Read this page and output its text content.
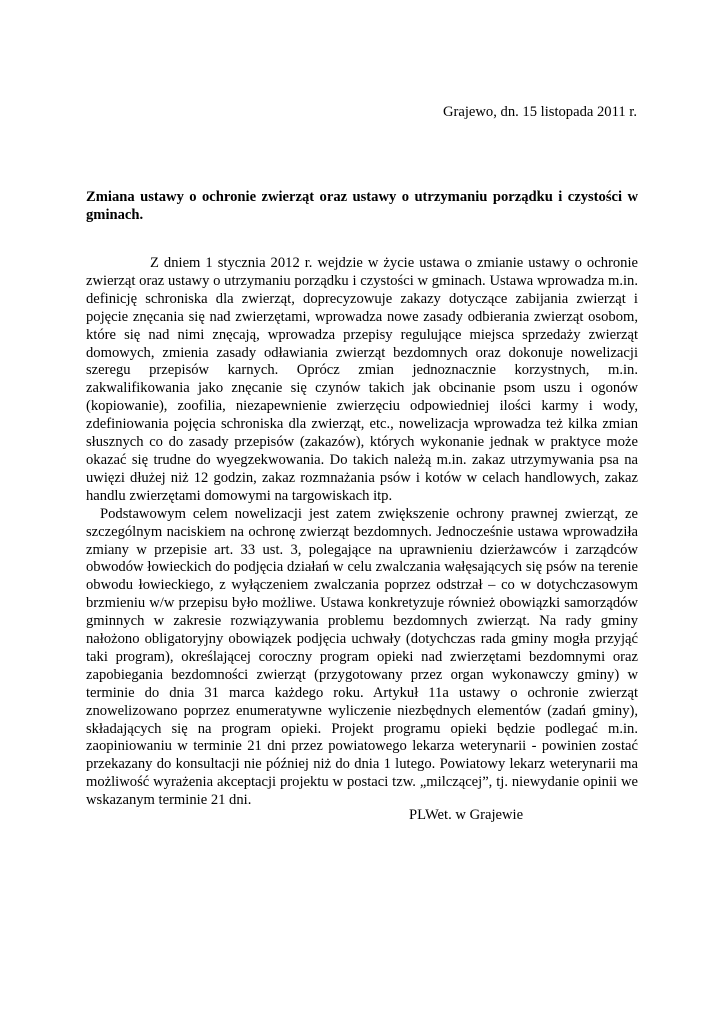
Grajewo, dn. 15 listopada 2011 r.
Zmiana ustawy o ochronie zwierząt oraz ustawy o utrzymaniu porządku i czystości w gminach.

Z dniem 1 stycznia 2012 r. wejdzie w życie ustawa o zmianie ustawy o ochronie zwierząt oraz ustawy o utrzymaniu porządku i czystości w gminach. Ustawa wprowadza m.in. definicję schroniska dla zwierząt, doprecyzowuje zakazy dotyczące zabijania zwierząt i pojęcie znęcania się nad zwierzętami, wprowadza nowe zasady odbierania zwierząt osobom, które się nad nimi znęcają, wprowadza przepisy regulujące miejsca sprzedaży zwierząt domowych, zmienia zasady odławiania zwierząt bezdomnych oraz dokonuje nowelizacji szeregu przepisów karnych. Oprócz zmian jednoznacznie korzystnych, m.in. zakwalifikowania jako znęcanie się czynów takich jak obcinanie psom uszu i ogonów (kopiowanie), zoofilia, niezapewnienie zwierzęciu odpowiedniej ilości karmy i wody, zdefiniowania pojęcia schroniska dla zwierząt, etc., nowelizacja wprowadza też kilka zmian słusznych co do zasady przepisów (zakazów), których wykonanie jednak w praktyce może okazać się trudne do wyegzekwowania. Do takich należą m.in. zakaz utrzymywania psa na uwięzi dłużej niż 12 godzin, zakaz rozmnażania psów i kotów w celach handlowych, zakaz handlu zwierzętami domowymi na targowiskach itp.

Podstawowym celem nowelizacji jest zatem zwiększenie ochrony prawnej zwierząt, ze szczególnym naciskiem na ochronę zwierząt bezdomnych. Jednocześnie ustawa wprowadziła zmiany w przepisie art. 33 ust. 3, polegające na uprawnieniu dzierżawców i zarządców obwodów łowieckich do podjęcia działań w celu zwalczania wałęsających się psów na terenie obwodu łowieckiego, z wyłączeniem zwalczania poprzez odstrzał – co w dotychczasowym brzmieniu w/w przepisu było możliwe. Ustawa konkretyzuje również obowiązki samorządów gminnych w zakresie rozwiązywania problemu bezdomnych zwierząt. Na rady gminy nałożono obligatoryjny obowiązek podjęcia uchwały (dotychczas rada gminy mogła przyjąć taki program), określającej coroczny program opieki nad zwierzętami bezdomnymi oraz zapobiegania bezdomności zwierząt (przygotowany przez organ wykonawczy gminy) w terminie do dnia 31 marca każdego roku. Artykuł 11a ustawy o ochronie zwierząt znowelizowano poprzez enumeratywne wyliczenie niezbędnych elementów (zadań gminy), składających się na program opieki. Projekt programu opieki będzie podlegać m.in. zaopiniowaniu w terminie 21 dni przez powiatowego lekarza weterynarii - powinien zostać przekazany do konsultacji nie później niż do dnia 1 lutego. Powiatowy lekarz weterynarii ma możliwość wyrażenia akceptacji projektu w postaci tzw. „milczącej”, tj. niewydanie opinii we wskazanym terminie 21 dni.

PLWet. w Grajewie
